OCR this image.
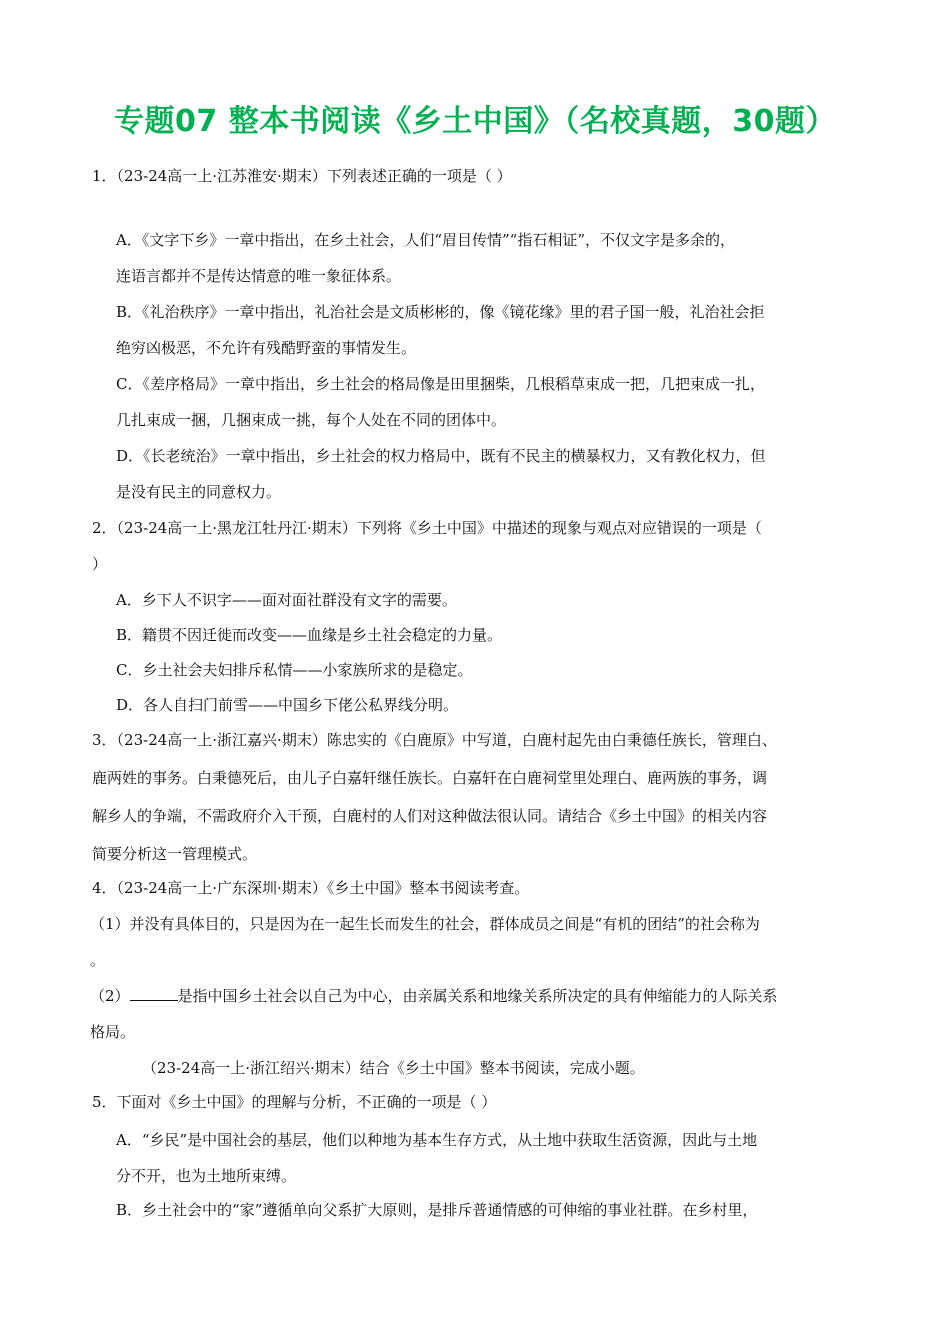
专题07 整本书阅读《乡土中国》（名校真题，30题）
1．（23-24高一上·江苏淮安·期末）下列表述正确的一项是（ ）
A．《文字下乡》一章中指出，在乡土社会，人们“眉目传情”“指石相证”，不仅文字是多余的，
连语言都并不是传达情意的唯一象征体系。
B．《礼治秩序》一章中指出，礼治社会是文质彬彬的，像《镜花缘》里的君子国一般，礼治社会拒
绝穷凶极恶，不允许有残酷野蛮的事情发生。
C．《差序格局》一章中指出，乡土社会的格局像是田里捆柴，几根稻草束成一把，几把束成一扎，
几扎束成一捆，几捆束成一挑，每个人处在不同的团体中。
D．《长老统治》一章中指出，乡土社会的权力格局中，既有不民主的横暴权力，又有教化权力，但
是没有民主的同意权力。
2．（23-24高一上·黑龙江牡丹江·期末）下列将《乡土中国》中描述的现象与观点对应错误的一项是（
）
A．乡下人不识字——面对面社群没有文字的需要。
B．籍贯不因迁徙而改变——血缘是乡土社会稳定的力量。
C．乡土社会夫妇排斥私情——小家族所求的是稳定。
D．各人自扫门前雪——中国乡下佬公私界线分明。
3．（23-24高一上·浙江嘉兴·期末）陈忠实的《白鹿原》中写道，白鹿村起先由白秉德任族长，管理白、
鹿两姓的事务。白秉德死后，由儿子白嘉轩继任族长。白嘉轩在白鹿祠堂里处理白、鹿两族的事务，调
解乡人的争端，不需政府介入干预，白鹿村的人们对这种做法很认同。请结合《乡土中国》的相关内容
简要分析这一管理模式。
4．（23-24高一上·广东深圳·期末）《乡土中国》整本书阅读考查。
（1）并没有具体目的，只是因为在一起生长而发生的社会，群体成员之间是“有机的团结”的社会称为
。
（2）	是指中国乡土社会以自己为中心，由亲属关系和地缘关系所决定的具有伸缩能力的人际关系
格局。
（23-24高一上·浙江绍兴·期末）结合《乡土中国》整本书阅读，完成小题。
5．下面对《乡土中国》的理解与分析，不正确的一项是（ ）
A．“乡民”是中国社会的基层，他们以种地为基本生存方式，从土地中获取生活资源，因此与土地
分不开，也为土地所束缚。
B．乡土社会中的“家”遵循单向父系扩大原则，是排斥普通情感的可伸缩的事业社群。在乡村里，
